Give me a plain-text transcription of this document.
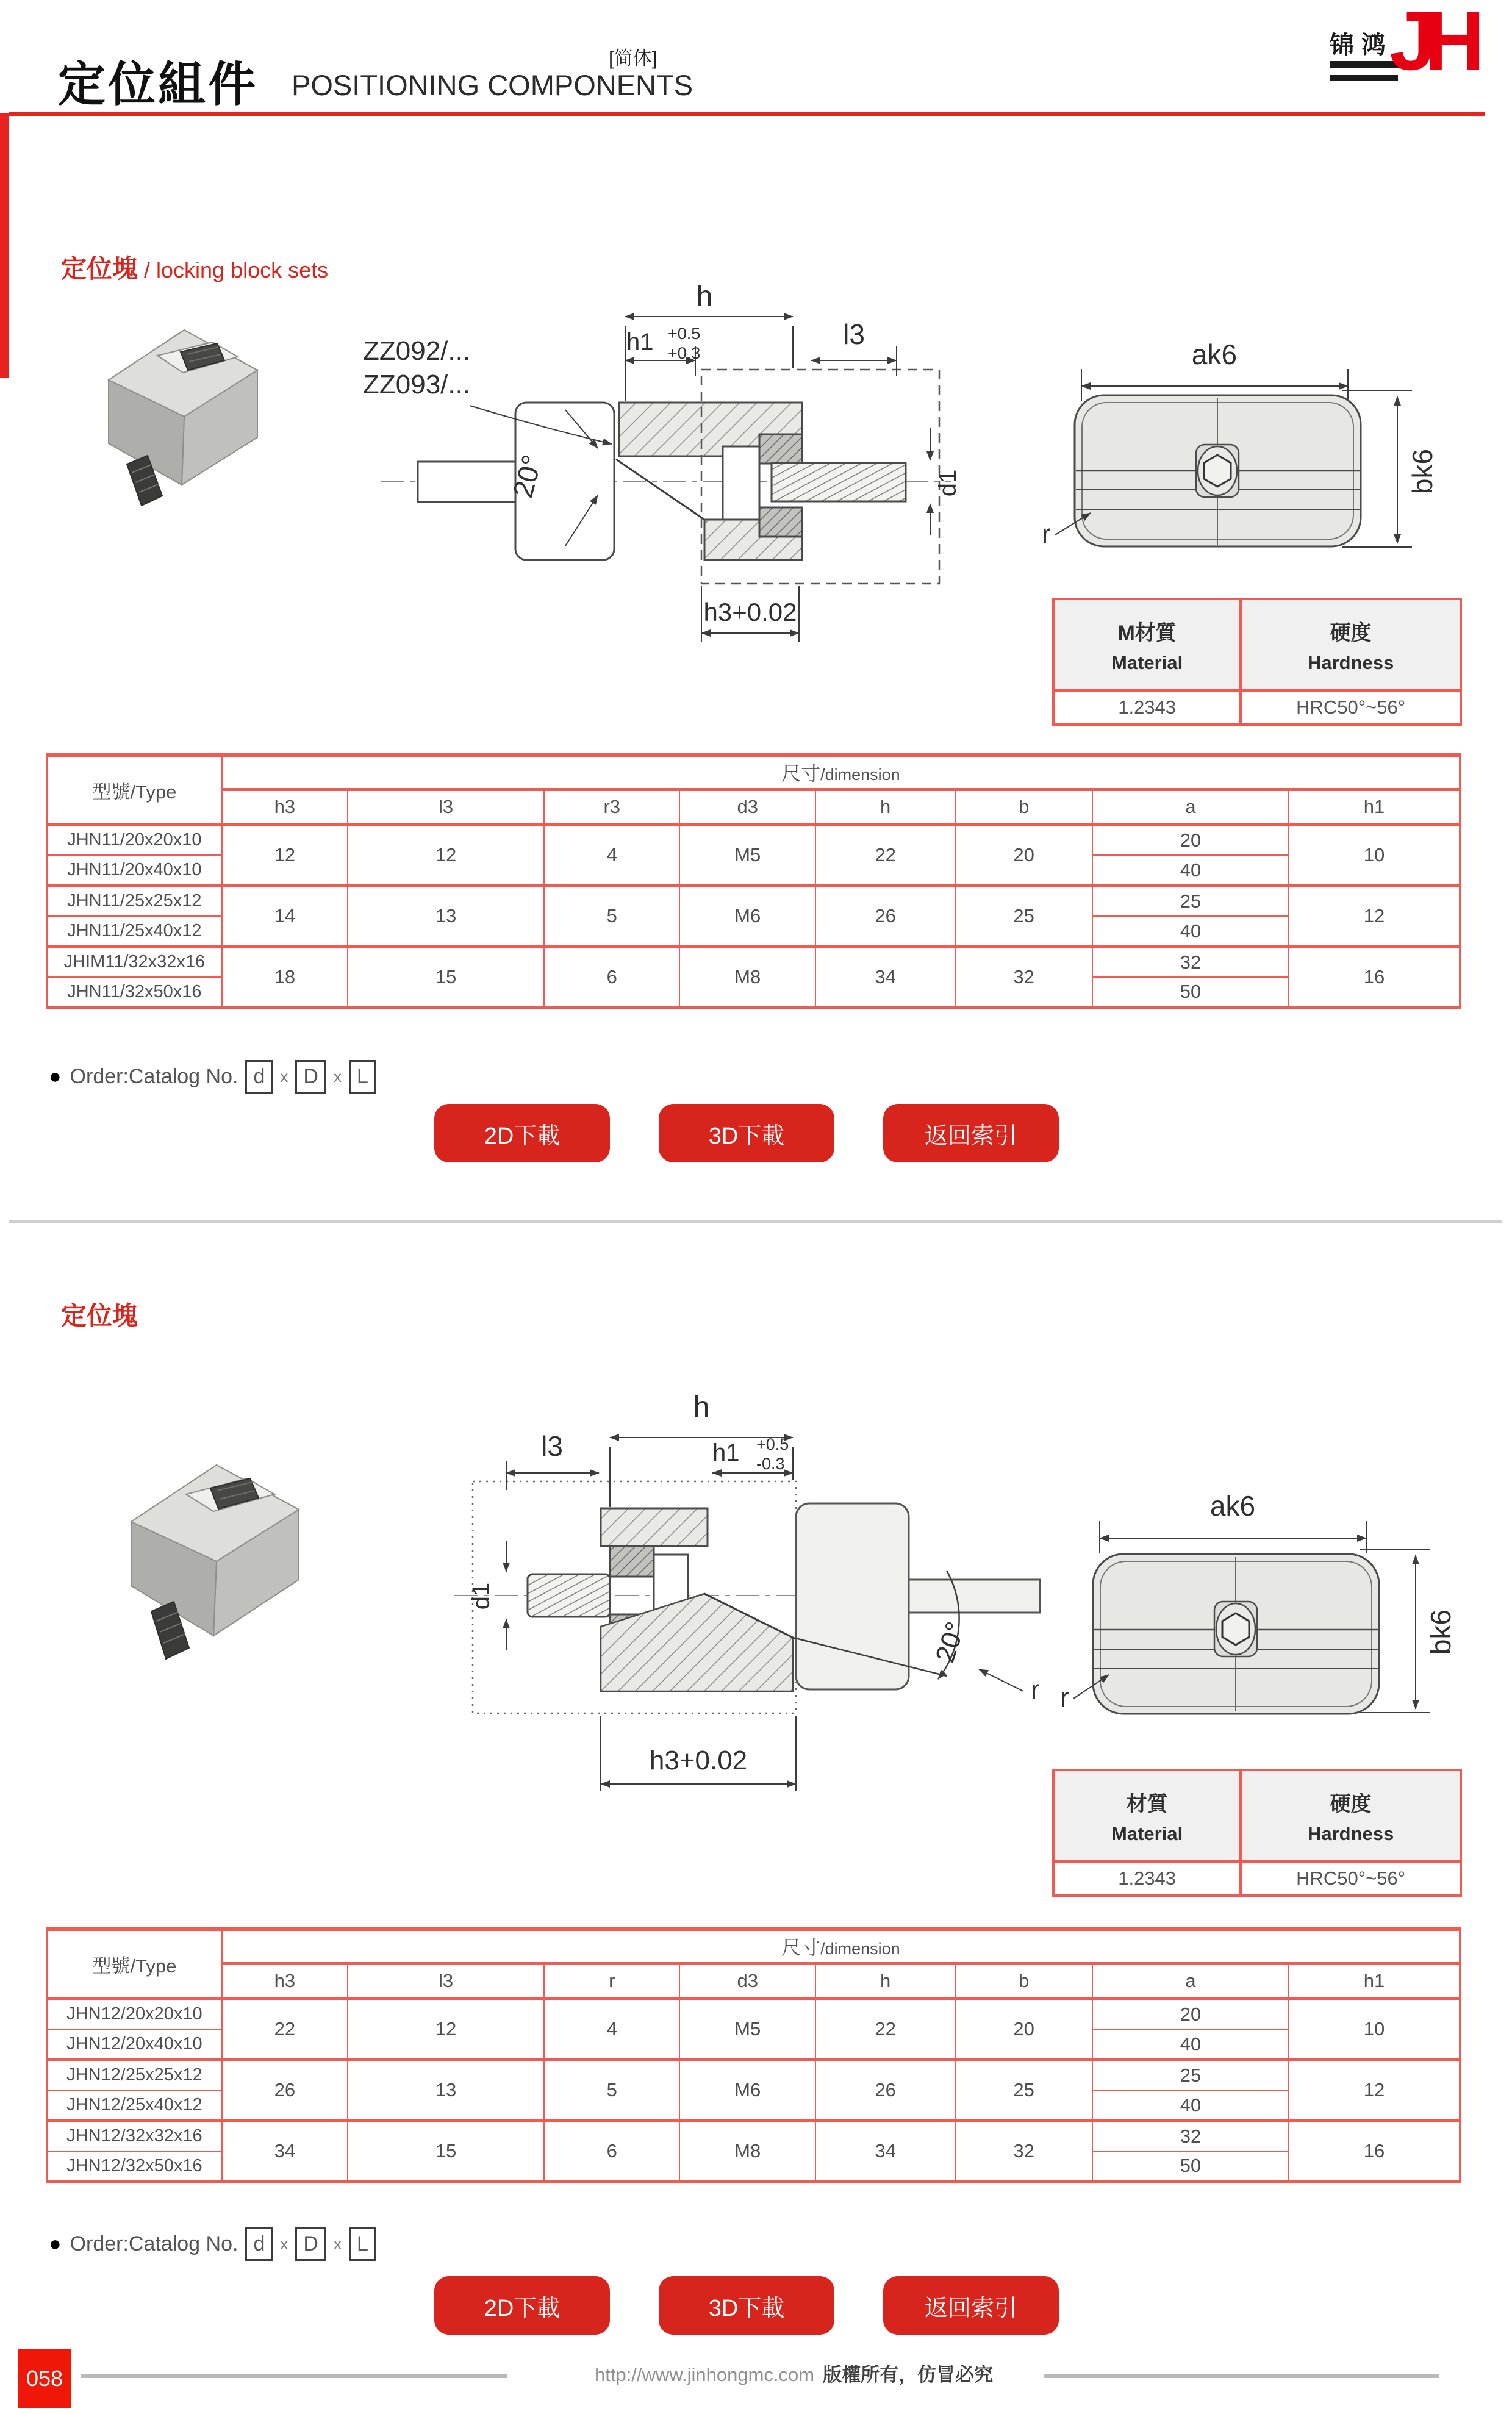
定位組件 POSITIONING COMPONENTS
[简体]	锦鸿
JH
定位塊 / locking block sets
ZZ092/...
ZZ093/...
h
h1 +0.5
+0.3
l3
d1
h3+0.02
20°
ak6
bk6
r
M材質
Material	硬度
Hardness

1.2343	HRC50°~56°
型號/Type	尺寸/dimension							
	h3	l3	r3	d3	h	b	a	h1
JHN11/20x20x10	12	12	4	M5	22	20	20	10
JHN11/20x40x10							40	
JHN11/25x25x12	14	13	5	M6	26	25	25	12
JHN11/25x40x12							40	
JHIM11/32x32x16	18	15	6	M8	34	32	32	16
JHN11/32x50x16							50	
● Order:Catalog No. d x D x L
2D下載	3D下載	返回索引
定位塊
h
l3	h1 +0.5
-0.3
d1
20°
h3+0.02
r
ak6
bk6
r
材質
Material	硬度
Hardness

1.2343	HRC50°~56°
型號/Type	尺寸/dimension							
	h3	l3	r	d3	h	b	a	h1
JHN12/20x20x10	22	12	4	M5	22	20	20	10
JHN12/20x40x10							40	
JHN12/25x25x12	26	13	5	M6	26	25	25	12
JHN12/25x40x12							40	
JHN12/32x32x16	34	15	6	M8	34	32	32	16
JHN12/32x50x16							50	
● Order:Catalog No. d x D x L
2D下載	3D下載	返回索引
058	http://www.jinhongmc.com 版權所有，仿冒必究
